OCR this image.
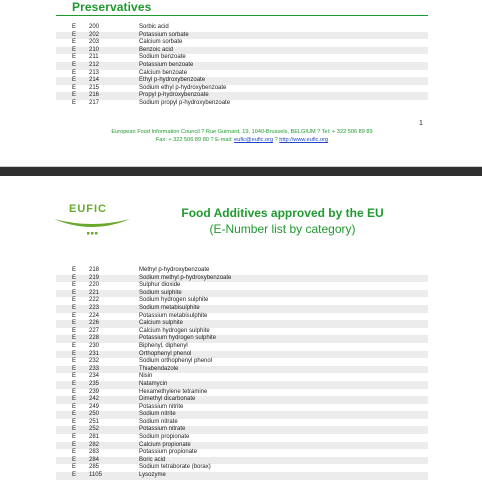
Preservatives
E 200	Sorbic acid
E 202	Potassium sorbate
E 203	Calcium sorbate
E 210	Benzoic acid
E 211	Sodium benzoate
E 212	Potassium benzoate
E 213	Calcium benzoate
E 214	Ethyl p-hydroxybenzoate
E 215	Sodium ethyl p-hydroxybenzoate
E 216	Propyl p-hydroxybenzoate
E 217	Sodium propyl p-hydroxybenzoate
1
European Food Information Council ? Rue Guimard, 19, 1040-Brussels, BELGIUM ? Tel: + 322 506 89 89
Fax: + 322 506 89 80 ? E-mail: eufic@eufic.org ? http://www.eufic.org
EUFIC	Food Additives approved by the EU
(E-Number list by category)
E 218	Methyl p-hydroxybenzoate
E 219	Sodium methyl p-hydroxybenzoate
E 220	Sulphur dioxide
E 221	Sodium sulphite
E 222	Sodium hydrogen sulphite
E 223	Sodium metabisulphite
E 224	Potassium metabisulphite
E 226	Calcium sulphite
E 227	Calcium hydrogen sulphite
E 228	Potassium hydrogen sulphite
E 230	Biphenyl, diphenyl
E 231	Orthophenyl phenol
E 232	Sodium orthophenyl phenol
E 233	Thiabendazole
E 234	Nisin
E 235	Natamycin
E 239	Hexamethylene tetramine
E 242	Dimethyl dicarbonate
E 249	Potassium nitrite
E 250	Sodium nitrite
E 251	Sodium nitrate
E 252	Potassium nitrate
E 281	Sodium propionate
E 282	Calcium propionate
E 283	Potassium propionate
E 284	Boric acid
E 285	Sodium tetraborate (borax)
E 1105	Lysozyme
